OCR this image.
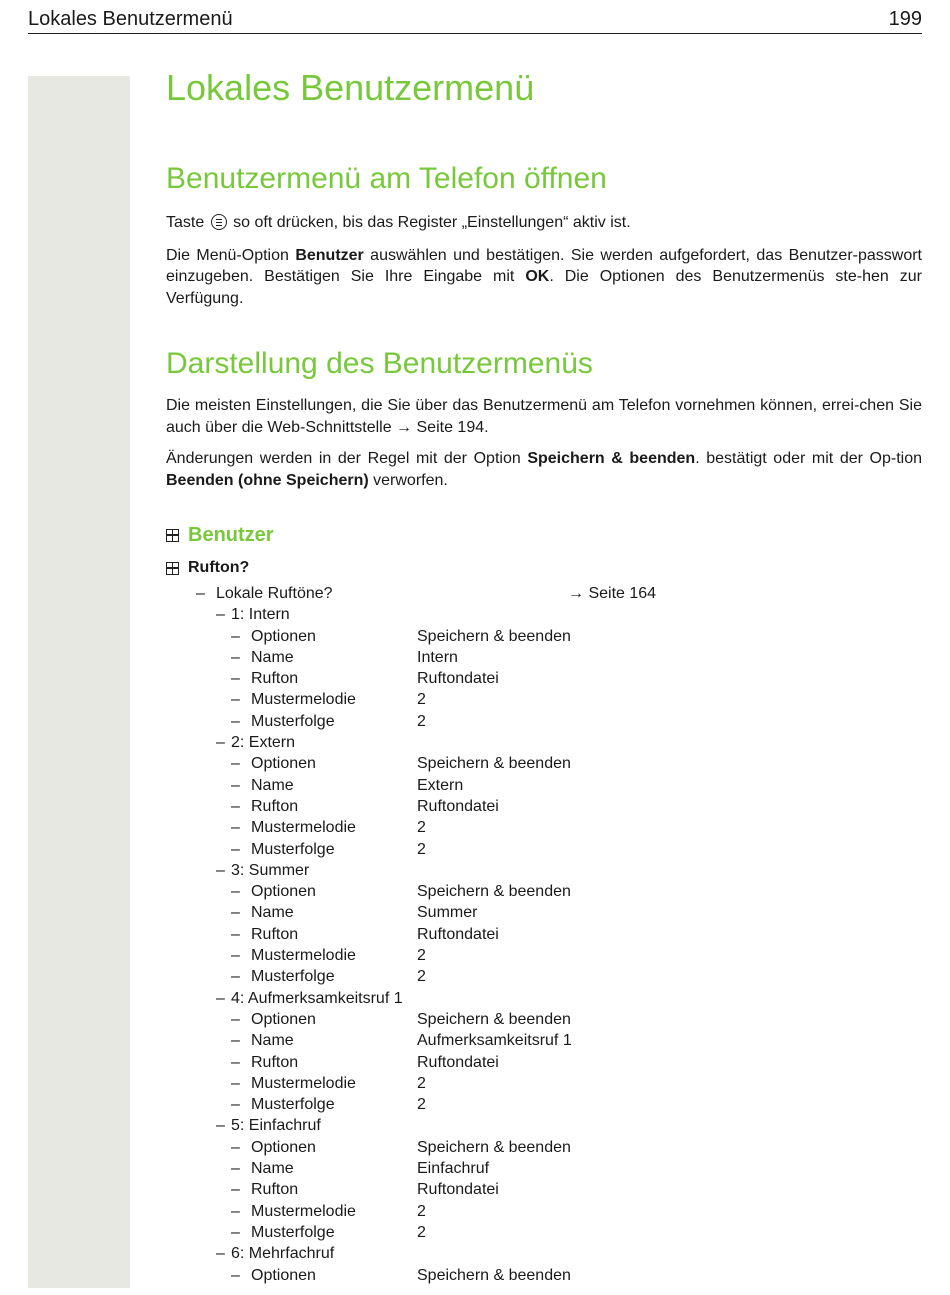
Lokales Benutzermenü	199
Lokales Benutzermenü
Benutzermenü am Telefon öffnen

Taste
so oft drücken, bis das Register „Einstellungen“ aktiv ist.

Die Menü-Option Benutzer auswählen und bestätigen. Sie werden aufgefordert, das Benutzer-passwort einzugeben. Bestätigen Sie Ihre Eingabe mit OK. Die Optionen des Benutzermenüs ste-hen zur Verfügung.

Darstellung des Benutzermenüs

Die meisten Einstellungen, die Sie über das Benutzermenü am Telefon vornehmen können, errei-chen Sie auch über die Web-Schnittstelle → Seite 194.

Änderungen werden in der Regel mit der Option Speichern & beenden. bestätigt oder mit der Op-tion Beenden (ohne Speichern) verworfen.

Benutzer
Rufton?
– Lokale Ruftöne?	→ Seite 164
– 1: Intern
– Optionen	Speichern & beenden
– Name	Intern
– Rufton	Ruftondatei
– Mustermelodie	2
– Musterfolge	2
– 2: Extern
– Optionen	Speichern & beenden
– Name	Extern
– Rufton	Ruftondatei
– Mustermelodie	2
– Musterfolge	2
– 3: Summer
– Optionen	Speichern & beenden
– Name	Summer
– Rufton	Ruftondatei
– Mustermelodie	2
– Musterfolge	2
– 4: Aufmerksamkeitsruf 1
– Optionen	Speichern & beenden
– Name	Aufmerksamkeitsruf 1
– Rufton	Ruftondatei
– Mustermelodie	2
– Musterfolge	2
– 5: Einfachruf
– Optionen	Speichern & beenden
– Name	Einfachruf
– Rufton	Ruftondatei
– Mustermelodie	2
– Musterfolge	2
– 6: Mehrfachruf
– Optionen	Speichern & beenden
